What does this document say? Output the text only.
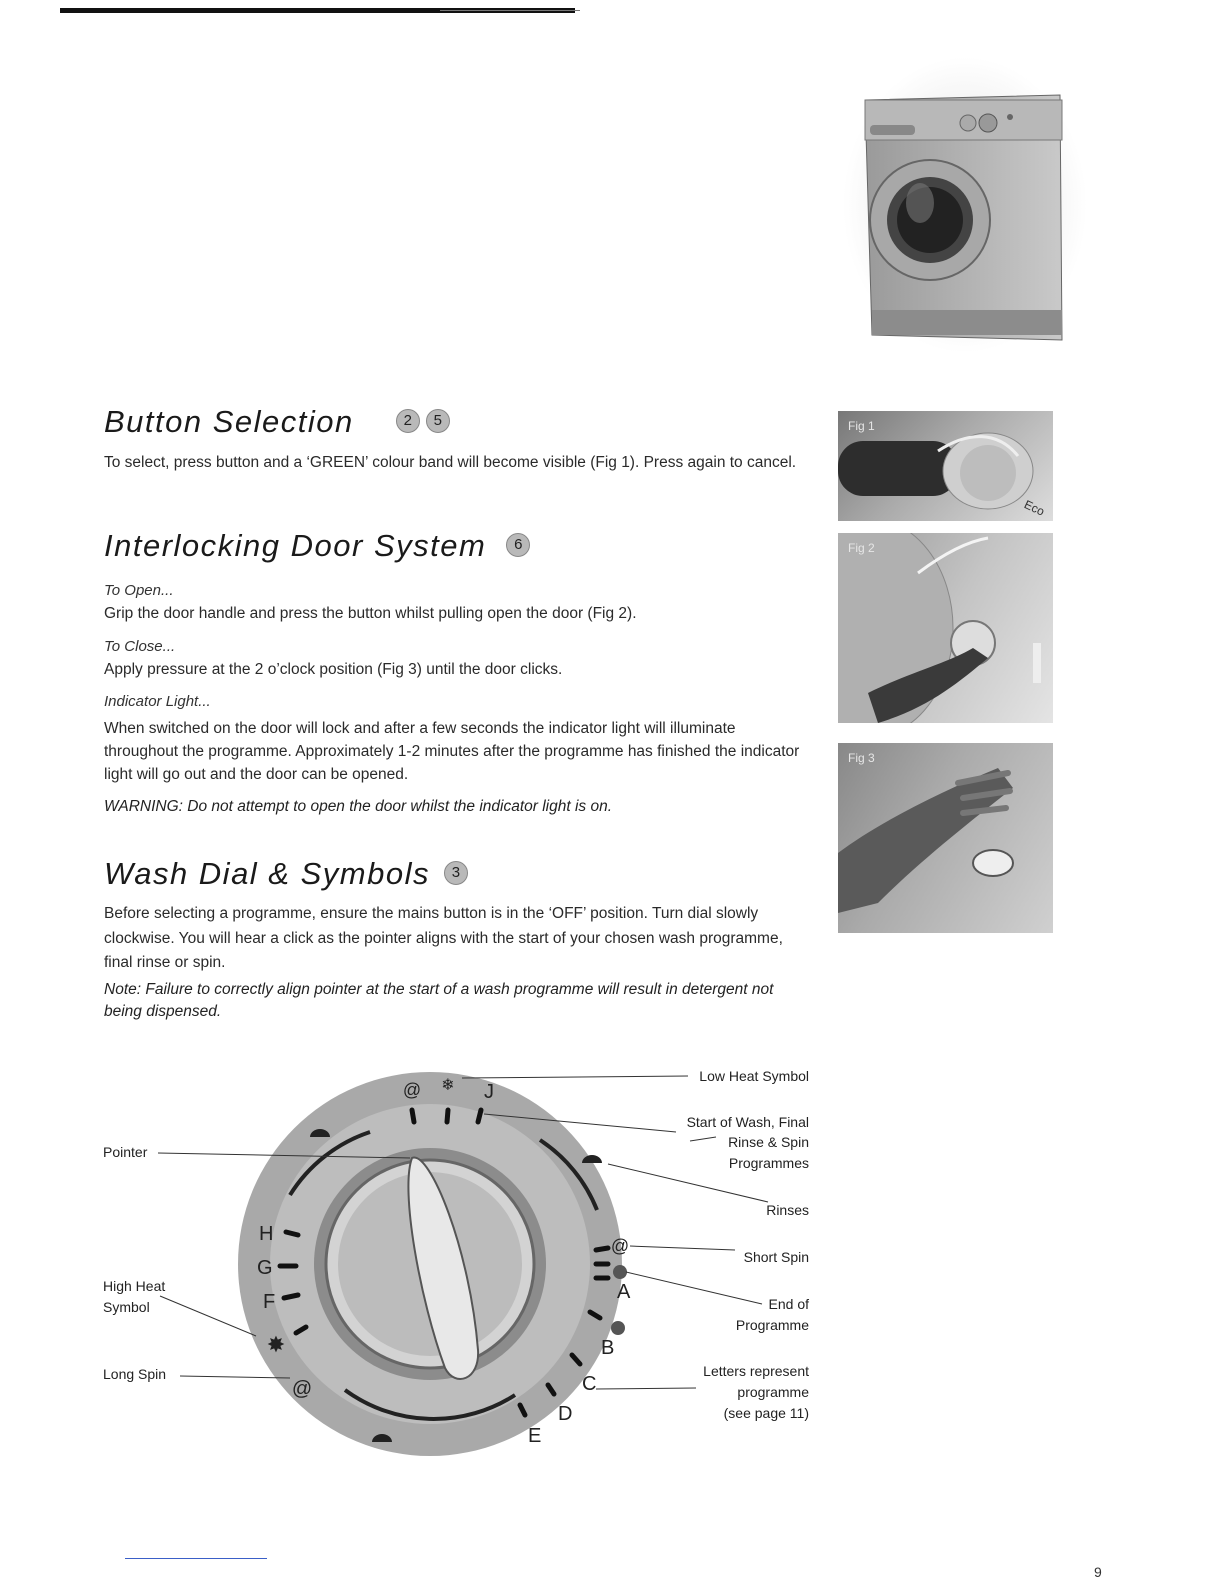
Button Selection	2 5

To select, press button and a ‘GREEN’ colour band will become visible (Fig 1). Press again to cancel.

Interlocking Door System 6

To Open...

Grip the door handle and press the button whilst pulling open the door (Fig 2).

To Close...

Apply pressure at the 2 o’clock position (Fig 3) until the door clicks.

Indicator Light...

When switched on the door will lock and after a few seconds the indicator light will illuminate throughout the programme. Approximately 1-2 minutes after the programme has finished the indicator light will go out and the door can be opened.

WARNING: Do not attempt to open the door whilst the indicator light is on.

Wash Dial & Symbols 3

Before selecting a programme, ensure the mains button is in the ‘OFF’ position. Turn dial slowly clockwise. You will hear a click as the pointer aligns with the start of your chosen wash programme, final rinse or spin.

Note: Failure to correctly align pointer at the start of a wash programme will result in detergent not being dispensed.

Fig 1
Eco
Fig 2
Fig 3
@ ❄
@
@
✸
J
H
G
F	A
B
C
D
E
Pointer
High Heat
Symbol
Long Spin
Low Heat Symbol
Start of Wash, Final
Rinse & Spin
Programmes
Rinses
Short Spin
End of
Programme
Letters represent
programme
(see page 11)
9
